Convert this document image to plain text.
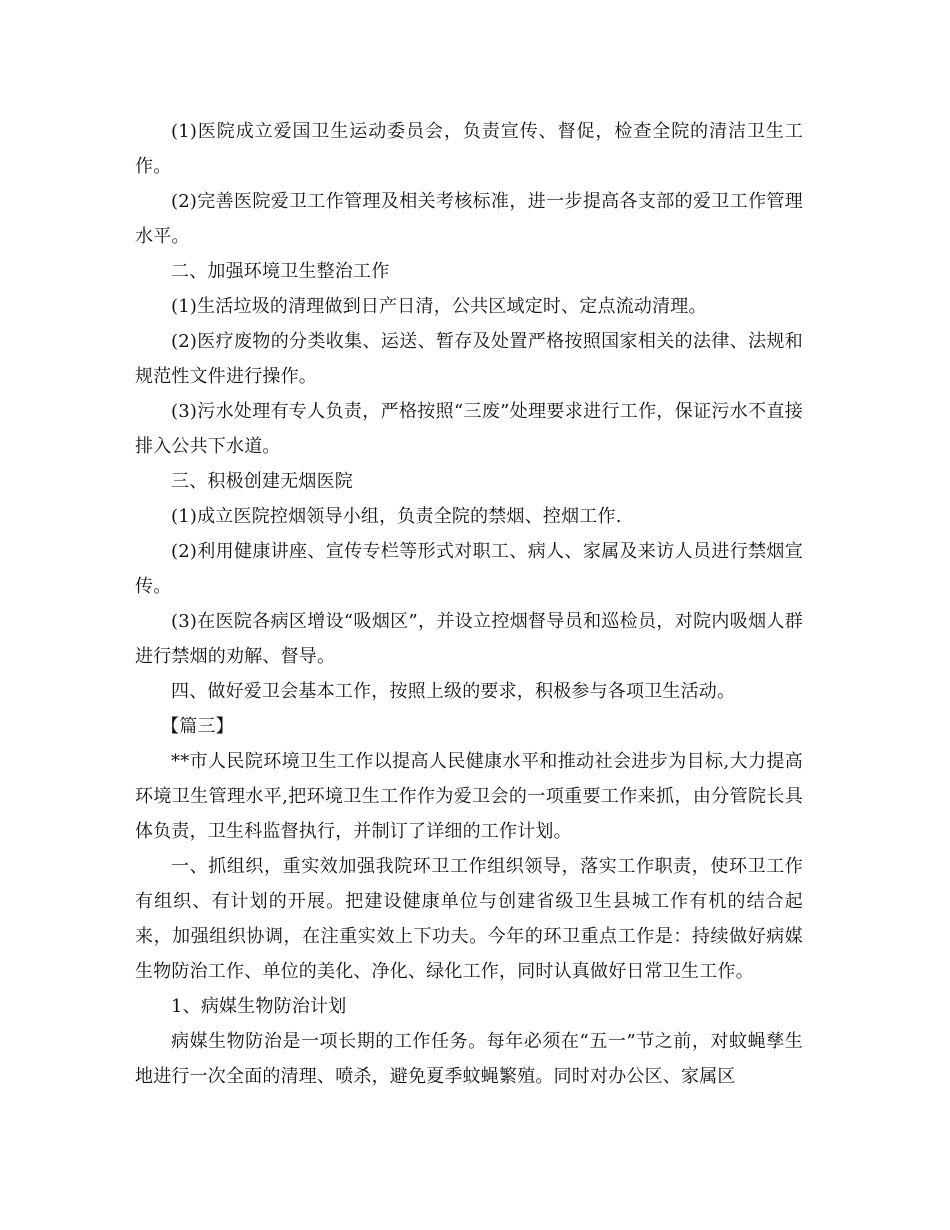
(1)医院成立爱国卫生运动委员会，负责宣传、督促，检查全院的清洁卫生工作。

(2)完善医院爱卫工作管理及相关考核标准，进一步提高各支部的爱卫工作管理水平。

二、加强环境卫生整治工作

(1)生活垃圾的清理做到日产日清，公共区域定时、定点流动清理。

(2)医疗废物的分类收集、运送、暂存及处置严格按照国家相关的法律、法规和规范性文件进行操作。

(3)污水处理有专人负责，严格按照“三废”处理要求进行工作，保证污水不直接排入公共下水道。

三、积极创建无烟医院

(1)成立医院控烟领导小组，负责全院的禁烟、控烟工作.

(2)利用健康讲座、宣传专栏等形式对职工、病人、家属及来访人员进行禁烟宣传。

(3)在医院各病区增设“吸烟区”，并设立控烟督导员和巡检员，对院内吸烟人群进行禁烟的劝解、督导。

四、做好爱卫会基本工作，按照上级的要求，积极参与各项卫生活动。

【篇三】

**市人民院环境卫生工作以提高人民健康水平和推动社会进步为目标,大力提高环境卫生管理水平,把环境卫生工作作为爱卫会的一项重要工作来抓，由分管院长具体负责，卫生科监督执行，并制订了详细的工作计划。

一、抓组织，重实效加强我院环卫工作组织领导，落实工作职责，使环卫工作有组织、有计划的开展。把建设健康单位与创建省级卫生县城工作有机的结合起来，加强组织协调，在注重实效上下功夫。今年的环卫重点工作是：持续做好病媒生物防治工作、单位的美化、净化、绿化工作，同时认真做好日常卫生工作。

1、病媒生物防治计划

病媒生物防治是一项长期的工作任务。每年必须在“五一”节之前，对蚊蝇孳生地进行一次全面的清理、喷杀，避免夏季蚊蝇繁殖。同时对办公区、家属区
